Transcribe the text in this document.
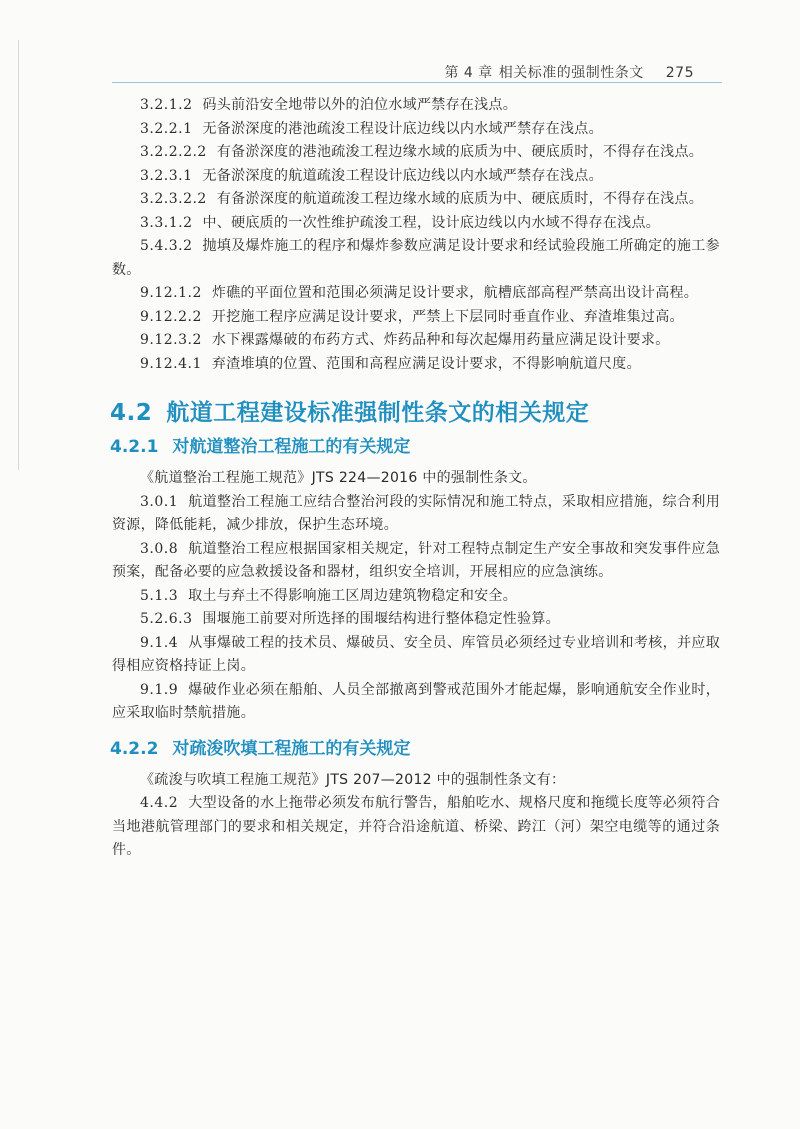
第 4 章 相关标准的强制性条文 275

3.2.1.2 码头前沿安全地带以外的泊位水域严禁存在浅点。

3.2.2.1 无备淤深度的港池疏浚工程设计底边线以内水域严禁存在浅点。

3.2.2.2.2 有备淤深度的港池疏浚工程边缘水域的底质为中、硬底质时，不得存在浅点。

3.2.3.1 无备淤深度的航道疏浚工程设计底边线以内水域严禁存在浅点。

3.2.3.2.2 有备淤深度的航道疏浚工程边缘水域的底质为中、硬底质时，不得存在浅点。

3.3.1.2 中、硬底质的一次性维护疏浚工程，设计底边线以内水域不得存在浅点。

5.4.3.2 抛填及爆炸施工的程序和爆炸参数应满足设计要求和经试验段施工所确定的施工参数。

9.12.1.2 炸礁的平面位置和范围必须满足设计要求，航槽底部高程严禁高出设计高程。

9.12.2.2 开挖施工程序应满足设计要求，严禁上下层同时垂直作业、弃渣堆集过高。

9.12.3.2 水下裸露爆破的布药方式、炸药品种和每次起爆用药量应满足设计要求。

9.12.4.1 弃渣堆填的位置、范围和高程应满足设计要求，不得影响航道尺度。

4.2 航道工程建设标准强制性条文的相关规定
4.2.1 对航道整治工程施工的有关规定

《航道整治工程施工规范》JTS 224—2016 中的强制性条文。

3.0.1 航道整治工程施工应结合整治河段的实际情况和施工特点，采取相应措施，综合利用资源，降低能耗，减少排放，保护生态环境。

3.0.8 航道整治工程应根据国家相关规定，针对工程特点制定生产安全事故和突发事件应急预案，配备必要的应急救援设备和器材，组织安全培训，开展相应的应急演练。

5.1.3 取土与弃土不得影响施工区周边建筑物稳定和安全。

5.2.6.3 围堰施工前要对所选择的围堰结构进行整体稳定性验算。

9.1.4 从事爆破工程的技术员、爆破员、安全员、库管员必须经过专业培训和考核，并应取得相应资格持证上岗。

9.1.9 爆破作业必须在船舶、人员全部撤离到警戒范围外才能起爆，影响通航安全作业时，应采取临时禁航措施。

4.2.2 对疏浚吹填工程施工的有关规定

《疏浚与吹填工程施工规范》JTS 207—2012 中的强制性条文有：

4.4.2 大型设备的水上拖带必须发布航行警告，船舶吃水、规格尺度和拖缆长度等必须符合当地港航管理部门的要求和相关规定，并符合沿途航道、桥梁、跨江（河）架空电缆等的通过条件。
